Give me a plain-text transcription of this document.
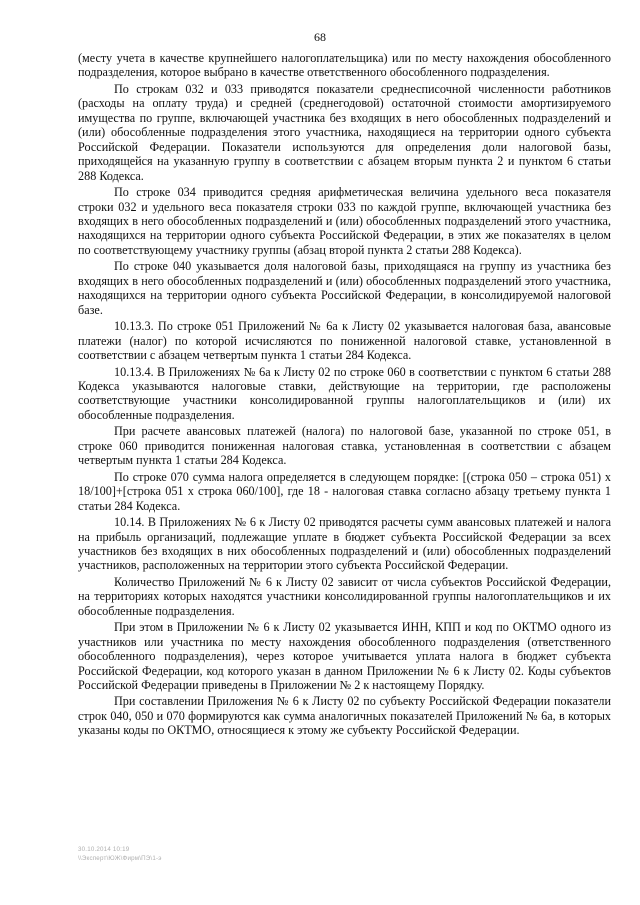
68

(месту учета в качестве крупнейшего налогоплательщика) или по месту нахождения обособленного подразделения, которое выбрано в качестве ответственного обособленного подразделения.

По строкам 032 и 033 приводятся показатели среднесписочной численности работников (расходы на оплату труда) и средней (среднегодовой) остаточной стоимости амортизируемого имущества по группе, включающей участника без входящих в него обособленных подразделений и (или) обособленные подразделения этого участника, находящиеся на территории одного субъекта Российской Федерации. Показатели используются для определения доли налоговой базы, приходящейся на указанную группу в соответствии с абзацем вторым пункта 2 и пунктом 6 статьи 288 Кодекса.

По строке 034 приводится средняя арифметическая величина удельного веса показателя строки 032 и удельного веса показателя строки 033 по каждой группе, включающей участника без входящих в него обособленных подразделений и (или) обособленных подразделений этого участника, находящихся на территории одного субъекта Российской Федерации, в этих же показателях в целом по соответствующему участнику группы (абзац второй пункта 2 статьи 288 Кодекса).

По строке 040 указывается доля налоговой базы, приходящаяся на группу из участника без входящих в него обособленных подразделений и (или) обособленных подразделений этого участника, находящихся на территории одного субъекта Российской Федерации, в консолидируемой налоговой базе.

10.13.3. По строке 051 Приложений № 6а к Листу 02 указывается налоговая база, авансовые платежи (налог) по которой исчисляются по пониженной налоговой ставке, установленной в соответствии с абзацем четвертым пункта 1 статьи 284 Кодекса.

10.13.4. В Приложениях № 6а к Листу 02 по строке 060 в соответствии с пунктом 6 статьи 288 Кодекса указываются налоговые ставки, действующие на территории, где расположены соответствующие участники консолидированной группы налогоплательщиков и (или) их обособленные подразделения.

При расчете авансовых платежей (налога) по налоговой базе, указанной по строке 051, в строке 060 приводится пониженная налоговая ставка, установленная в соответствии с абзацем четвертым пункта 1 статьи 284 Кодекса.

По строке 070 сумма налога определяется в следующем порядке: [(строка 050 – строка 051) x 18/100]+[строка 051 x строка 060/100], где 18 - налоговая ставка согласно абзацу третьему пункта 1 статьи 284 Кодекса.

10.14. В Приложениях № 6 к Листу 02 приводятся расчеты сумм авансовых платежей и налога на прибыль организаций, подлежащие уплате в бюджет субъекта Российской Федерации за всех участников без входящих в них обособленных подразделений и (или) обособленных подразделений участников, расположенных на территории этого субъекта Российской Федерации.

Количество Приложений № 6 к Листу 02 зависит от числа субъектов Российской Федерации, на территориях которых находятся участники консолидированной группы налогоплательщиков и их обособленные подразделения.

При этом в Приложении № 6 к Листу 02 указывается ИНН, КПП и код по ОКТМО одного из участников или участника по месту нахождения обособленного подразделения (ответственного обособленного подразделения), через которое учитывается уплата налога в бюджет субъекта Российской Федерации, код которого указан в данном Приложении № 6 к Листу 02. Коды субъектов Российской Федерации приведены в Приложении № 2 к настоящему Порядку.

При составлении Приложения № 6 к Листу 02 по субъекту Российской Федерации показатели строк 040, 050 и 070 формируются как сумма аналогичных показателей Приложений № 6а, в которых указаны коды по ОКТМО, относящиеся к этому же субъекту Российской Федерации.

30.10.2014 10:19
\\Эксперт\ЮЖ\Фирм\ПЭ\1-э
